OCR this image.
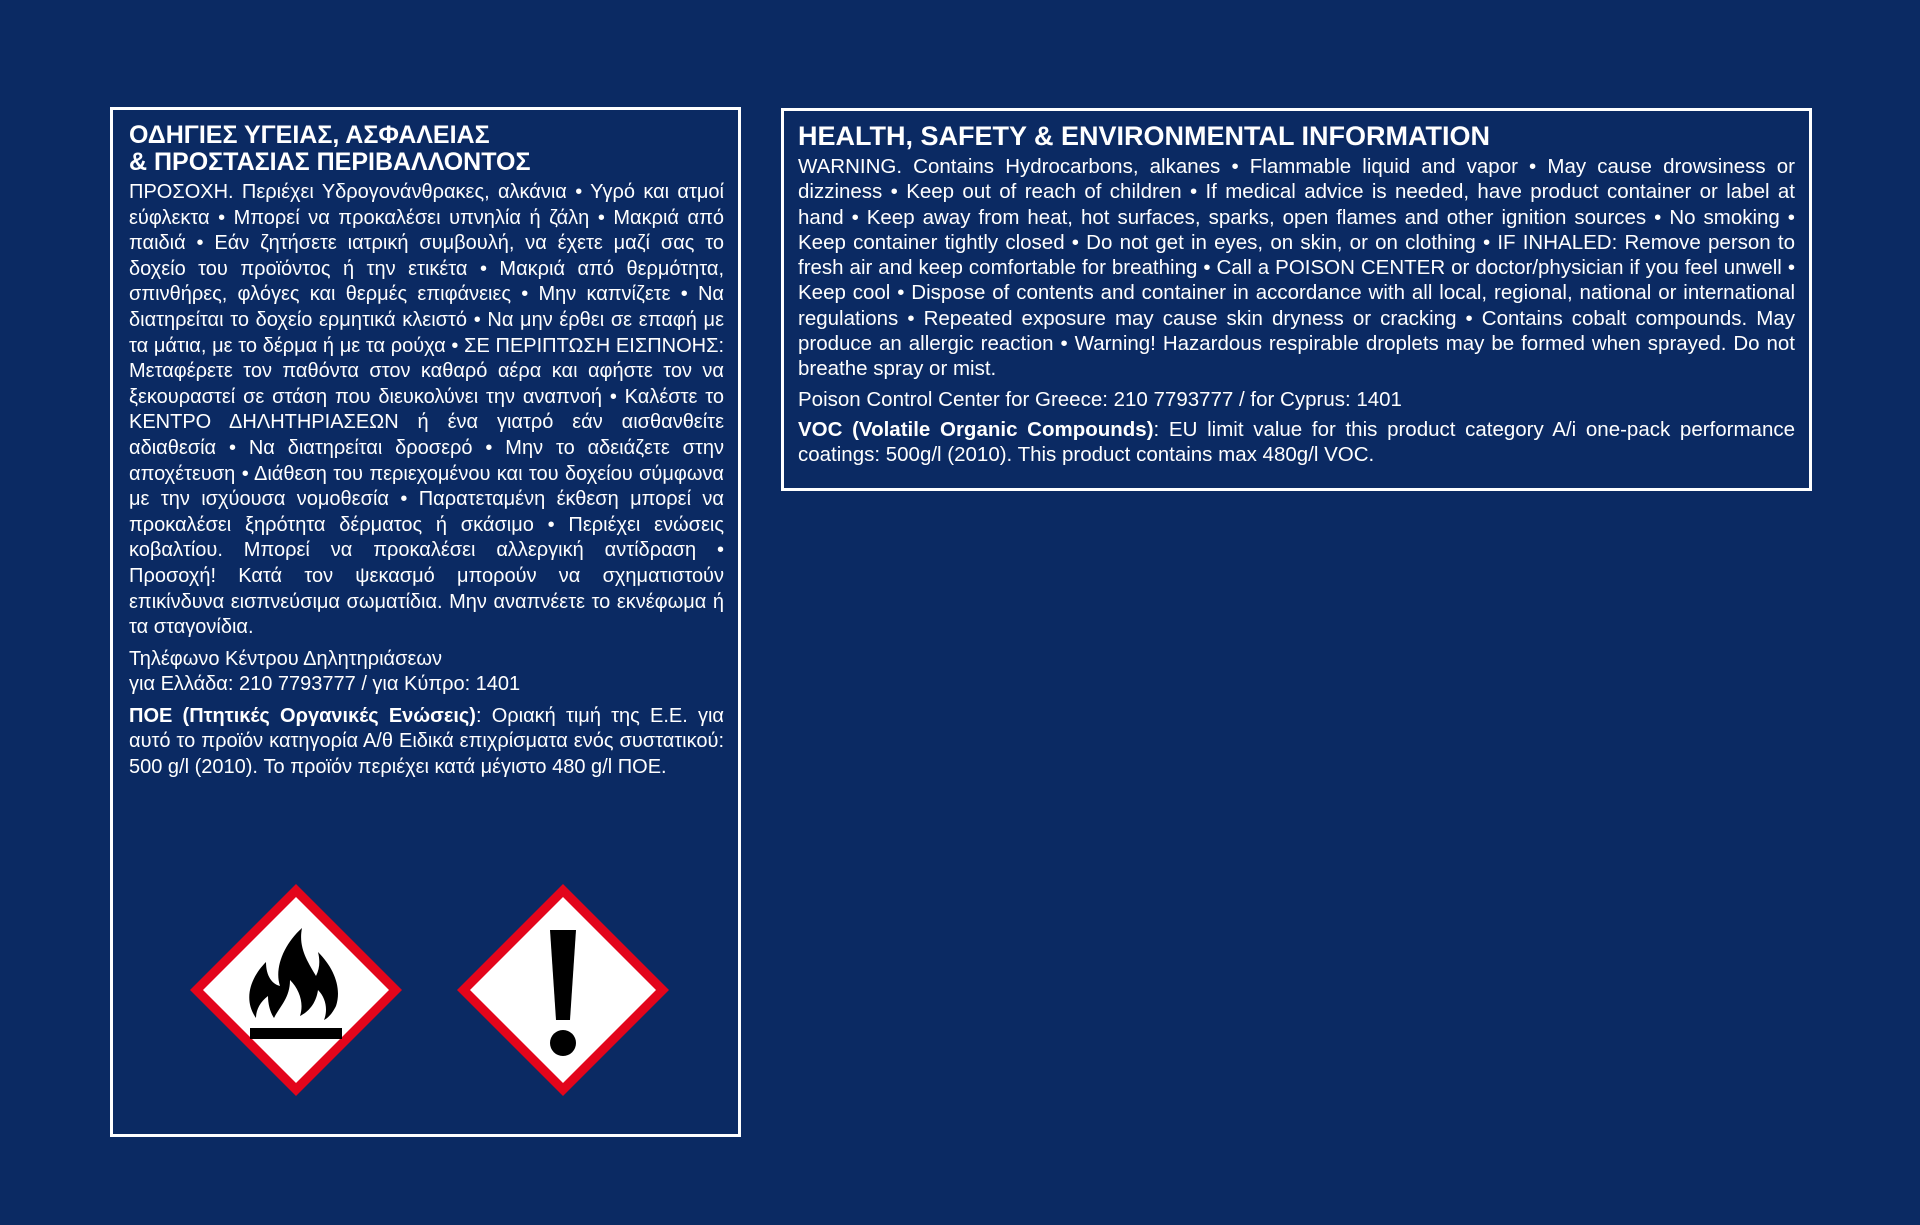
ΟΔΗΓΙΕΣ ΥΓΕΙΑΣ, ΑΣΦΑΛΕΙΑΣ
& ΠΡΟΣΤΑΣΙΑΣ ΠΕΡΙΒΑΛΛΟΝΤΟΣ

ΠΡΟΣΟΧΗ. Περιέχει Υδρογονάνθρακες, αλκάνια • Υγρό και ατμοί εύφλεκτα • Μπορεί να προκαλέσει υπνηλία ή ζάλη • Μακριά από παιδιά • Εάν ζητήσετε ιατρική συμβουλή, να έχετε μαζί σας το δοχείο του προϊόντος ή την ετικέτα • Μακριά από θερμότητα, σπινθήρες, φλόγες και θερμές επιφάνειες • Μην καπνίζετε • Να διατηρείται το δοχείο ερμητικά κλειστό • Να μην έρθει σε επαφή με τα μάτια, με το δέρμα ή με τα ρούχα • ΣΕ ΠΕΡΙΠΤΩΣΗ ΕΙΣΠΝΟΗΣ: Μεταφέρετε τον παθόντα στον καθαρό αέρα και αφήστε τον να ξεκουραστεί σε στάση που διευκολύνει την αναπνοή • Καλέστε το ΚΕΝΤΡΟ ΔΗΛΗΤΗΡΙΑΣΕΩΝ ή ένα γιατρό εάν αισθανθείτε αδιαθεσία • Να διατηρείται δροσερό • Μην το αδειάζετε στην αποχέτευση • Διάθεση του περιεχομένου και του δοχείου σύμφωνα με την ισχύουσα νομοθεσία • Παρατεταμένη έκθεση μπορεί να προκαλέσει ξηρότητα δέρματος ή σκάσιμο • Περιέχει ενώσεις κοβαλτίου. Μπορεί να προκαλέσει αλλεργική αντίδραση • Προσοχή! Κατά τον ψεκασμό μπορούν να σχηματιστούν επικίνδυνα εισπνεύσιμα σωματίδια. Μην αναπνέετε το εκνέφωμα ή τα σταγονίδια.

Τηλέφωνο Κέντρου Δηλητηριάσεων
για Ελλάδα: 210 7793777 / για Κύπρο: 1401

ΠΟΕ (Πτητικές Οργανικές Ενώσεις): Οριακή τιμή της Ε.Ε. για αυτό το προϊόν κατηγορία Α/θ Ειδικά επιχρίσματα ενός συστατικού: 500 g/l (2010). Το προϊόν περιέχει κατά μέγιστο 480 g/l ΠΟΕ.

HEALTH, SAFETY & ENVIRONMENTAL INFORMATION

WARNING. Contains Hydrocarbons, alkanes • Flammable liquid and vapor • May cause drowsiness or dizziness • Keep out of reach of children • If medical advice is needed, have product container or label at hand • Keep away from heat, hot surfaces, sparks, open flames and other ignition sources • No smoking • Keep container tightly closed • Do not get in eyes, on skin, or on clothing • IF INHALED: Remove person to fresh air and keep comfortable for breathing • Call a POISON CENTER or doctor/physician if you feel unwell • Keep cool • Dispose of contents and container in accordance with all local, regional, national or international regulations • Repeated exposure may cause skin dryness or cracking • Contains cobalt compounds. May produce an allergic reaction • Warning! Hazardous respirable droplets may be formed when sprayed. Do not breathe spray or mist.

Poison Control Center for Greece: 210 7793777 / for Cyprus: 1401

VOC (Volatile Organic Compounds): EU limit value for this product category A/i one-pack performance coatings: 500g/l (2010). This product contains max 480g/l VOC.
